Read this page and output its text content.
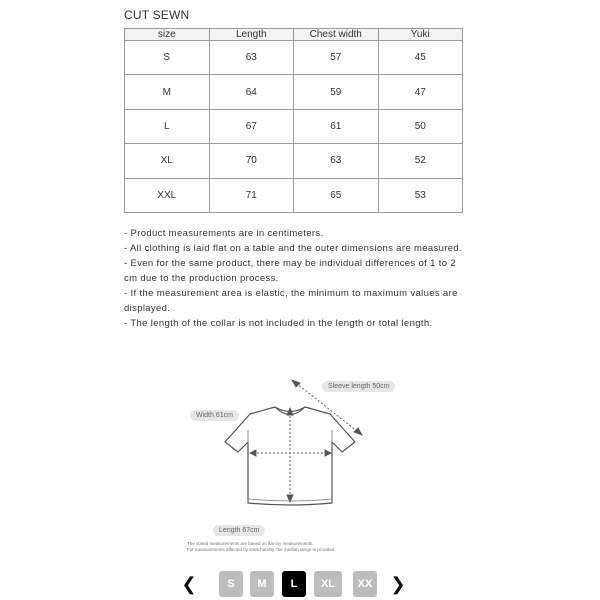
CUT SEWN
size	Length	Chest width	Yuki
S	63	57	45
M	64	59	47
L	67	61	50
XL	70	63	52
XXL	71	65	53
- Product measurements are in centimeters.
- All clothing is laid flat on a table and the outer dimensions are measured.
- Even for the same product, there may be individual differences of 1 to 2
cm due to the production process.
- If the measurement area is elastic, the minimum to maximum values are
displayed.
- The length of the collar is not included in the length or total length.
Sleeve length 50cm
Width 61cm
Length 67cm
The stated measurements are based on flat-lay measurements.
For measurements affected by stretchability, the median range is provided.
❮	S	M	L	XL	XX ❯
